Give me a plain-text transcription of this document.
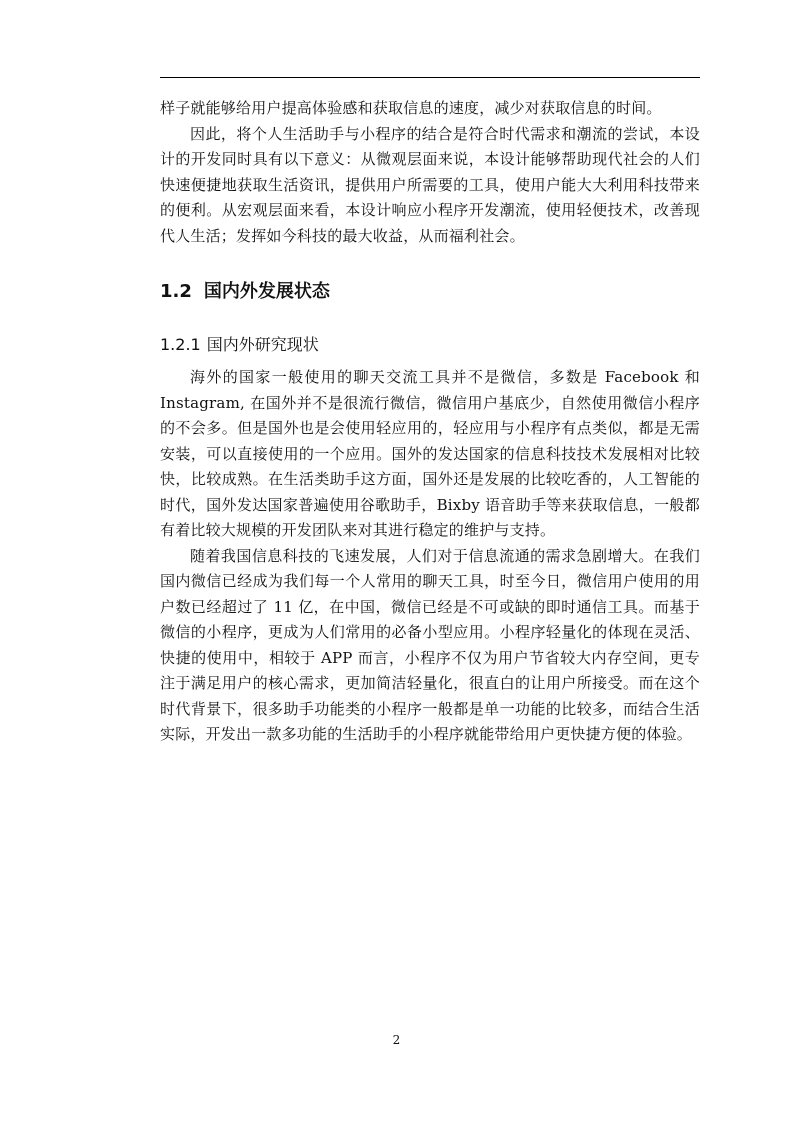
样子就能够给用户提高体验感和获取信息的速度，减少对获取信息的时间。

因此，将个人生活助手与小程序的结合是符合时代需求和潮流的尝试，本设计的开发同时具有以下意义：从微观层面来说，本设计能够帮助现代社会的人们快速便捷地获取生活资讯，提供用户所需要的工具，使用户能大大利用科技带来的便利。从宏观层面来看，本设计响应小程序开发潮流，使用轻便技术，改善现代人生活；发挥如今科技的最大收益，从而福利社会。

1.2 国内外发展状态
1.2.1 国内外研究现状

海外的国家一般使用的聊天交流工具并不是微信，多数是 Facebook 和 Instagram, 在国外并不是很流行微信，微信用户基底少，自然使用微信小程序的不会多。但是国外也是会使用轻应用的，轻应用与小程序有点类似，都是无需安装，可以直接使用的一个应用。国外的发达国家的信息科技技术发展相对比较快，比较成熟。在生活类助手这方面，国外还是发展的比较吃香的，人工智能的时代，国外发达国家普遍使用谷歌助手，Bixby 语音助手等来获取信息，一般都有着比较大规模的开发团队来对其进行稳定的维护与支持。

随着我国信息科技的飞速发展，人们对于信息流通的需求急剧增大。在我们国内微信已经成为我们每一个人常用的聊天工具，时至今日，微信用户使用的用户数已经超过了 11 亿，在中国，微信已经是不可或缺的即时通信工具。而基于微信的小程序，更成为人们常用的必备小型应用。小程序轻量化的体现在灵活、快捷的使用中，相较于 APP 而言，小程序不仅为用户节省较大内存空间，更专注于满足用户的核心需求，更加简洁轻量化，很直白的让用户所接受。而在这个时代背景下，很多助手功能类的小程序一般都是单一功能的比较多，而结合生活实际，开发出一款多功能的生活助手的小程序就能带给用户更快捷方便的体验。

2
